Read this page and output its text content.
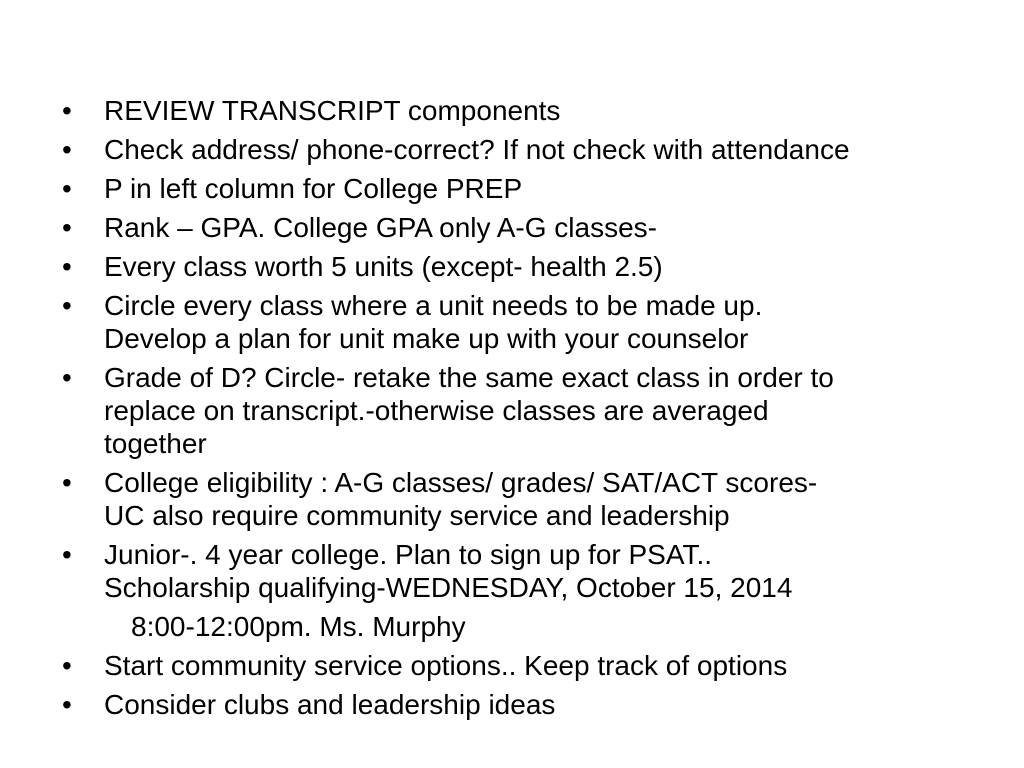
•	REVIEW TRANSCRIPT components
•	Check address/ phone-correct? If not check with attendance
•	P in left column for College PREP
•	Rank – GPA. College GPA only A-G classes-
•	Every class worth 5 units (except- health 2.5)
•	Circle every class where a unit needs to be made up.
Develop a plan for unit make up with your counselor
•	Grade of D? Circle- retake the same exact class in order to
replace on transcript.-otherwise classes are averaged
together
•	College eligibility : A-G classes/ grades/ SAT/ACT scores-
UC also require community service and leadership
•	Junior-. 4 year college. Plan to sign up for PSAT..
Scholarship qualifying-WEDNESDAY, October 15, 2014
8:00-12:00pm. Ms. Murphy
•	Start community service options.. Keep track of options
•	Consider clubs and leadership ideas
